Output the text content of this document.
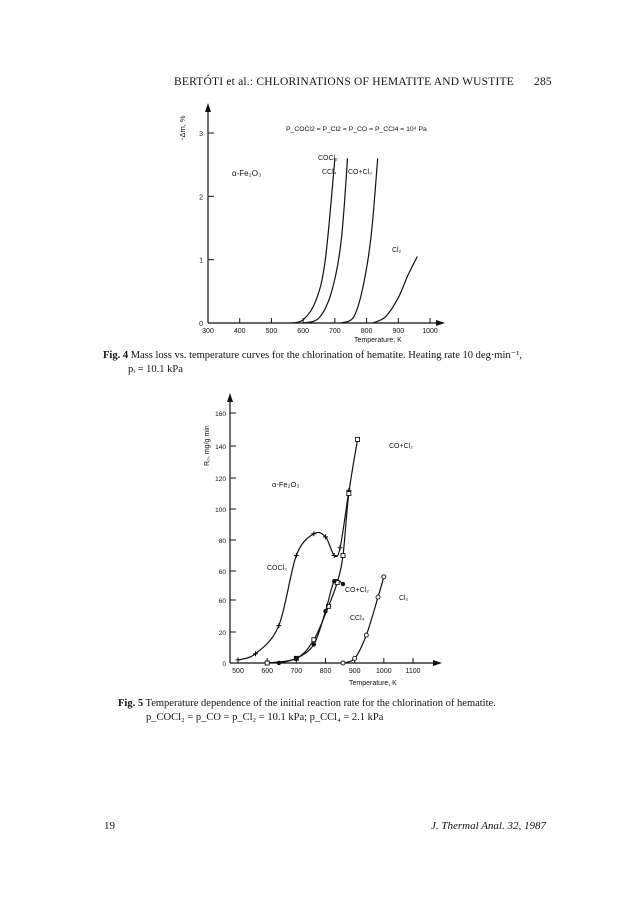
BERTÓTI et al.: CHLORINATIONS OF HEMATITE AND WUSTITE 285
300	400	500	600	700	800	900	1000
0
1
2
3
-Δm, %
Temperature, K
α-Fe₂O₃
P_COCl2 = P_Cl2 = P_CO = P_CCl4 = 10⁴ Pa
COCl₂
CCl₄ CO+Cl₂
Cl₂
Fig. 4 Mass loss vs. temperature curves for the chlorination of hematite. Heating rate 10 deg·min⁻¹,
pᵢ = 10.1 kPa
500 600 700 800 900 1000 1100
0
20
60
60
80
100
120
140
160
R₀, mg/g min
Temperature, K
α-Fe₂O₃
CO+Cl₂
COCl₂
CO+Cl₂
CCl₄
Cl₂
Fig. 5 Temperature dependence of the initial reaction rate for the chlorination of hematite.
p_COCl₂ = p_CO = p_Cl₂ = 10.1 kPa; p_CCl₄ = 2.1 kPa
19	J. Thermal Anal. 32, 1987
